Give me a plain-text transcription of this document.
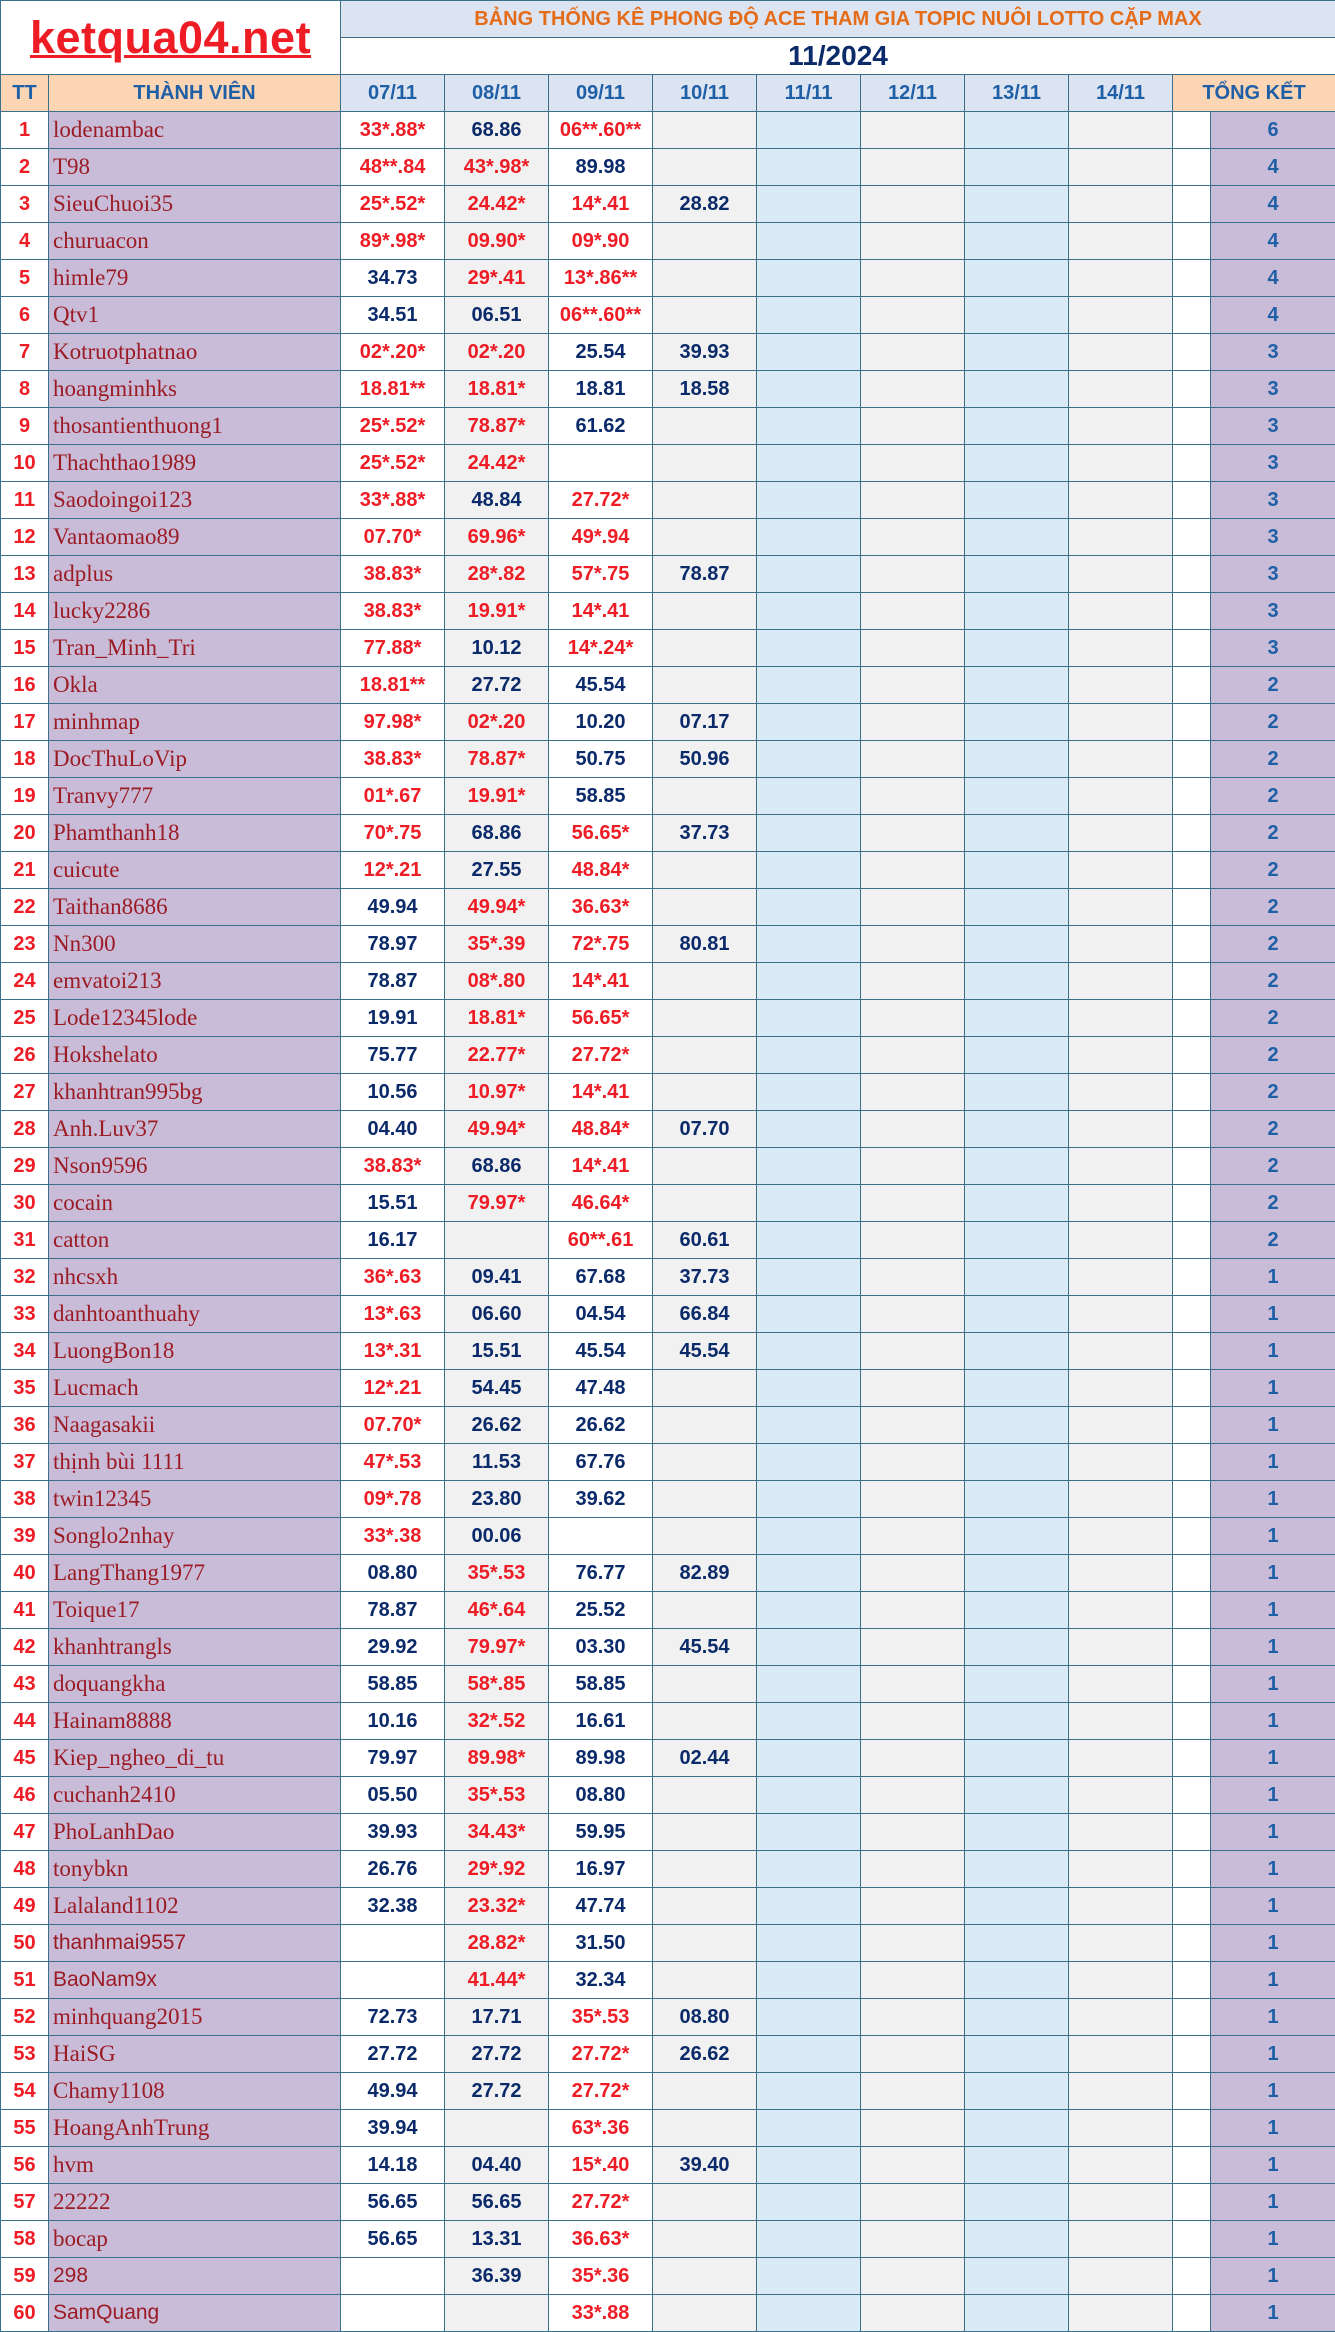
ketqua04.net		BẢNG THỐNG KÊ PHONG ĐỘ ACE THAM GIA TOPIC NUÔI LOTTO CẶP MAX									
		11/2024									
TT	THÀNH VIÊN	07/11	08/11	09/11	10/11	11/11	12/11	13/11	14/11	TỔNG KẾT	
1	lodenambac	33*.88*	68.86	06**.60**							6
2	T98	48**.84	43*.98*	89.98							4
3	SieuChuoi35	25*.52*	24.42*	14*.41	28.82						4
4	churuacon	89*.98*	09.90*	09*.90							4
5	himle79	34.73	29*.41	13*.86**							4
6	Qtv1	34.51	06.51	06**.60**							4
7	Kotruotphatnao	02*.20*	02*.20	25.54	39.93						3
8	hoangminhks	18.81**	18.81*	18.81	18.58						3
9	thosantienthuong1	25*.52*	78.87*	61.62							3
10	Thachthao1989	25*.52*	24.42*								3
11	Saodoingoi123	33*.88*	48.84	27.72*							3
12	Vantaomao89	07.70*	69.96*	49*.94							3
13	adplus	38.83*	28*.82	57*.75	78.87						3
14	lucky2286	38.83*	19.91*	14*.41							3
15	Tran_Minh_Tri	77.88*	10.12	14*.24*							3
16	Okla	18.81**	27.72	45.54							2
17	minhmap	97.98*	02*.20	10.20	07.17						2
18	DocThuLoVip	38.83*	78.87*	50.75	50.96						2
19	Tranvy777	01*.67	19.91*	58.85							2
20	Phamthanh18	70*.75	68.86	56.65*	37.73						2
21	cuicute	12*.21	27.55	48.84*							2
22	Taithan8686	49.94	49.94*	36.63*							2
23	Nn300	78.97	35*.39	72*.75	80.81						2
24	emvatoi213	78.87	08*.80	14*.41							2
25	Lode12345lode	19.91	18.81*	56.65*							2
26	Hokshelato	75.77	22.77*	27.72*							2
27	khanhtran995bg	10.56	10.97*	14*.41							2
28	Anh.Luv37	04.40	49.94*	48.84*	07.70						2
29	Nson9596	38.83*	68.86	14*.41							2
30	cocain	15.51	79.97*	46.64*							2
31	catton	16.17		60**.61	60.61						2
32	nhcsxh	36*.63	09.41	67.68	37.73						1
33	danhtoanthuahy	13*.63	06.60	04.54	66.84						1
34	LuongBon18	13*.31	15.51	45.54	45.54						1
35	Lucmach	12*.21	54.45	47.48							1
36	Naagasakii	07.70*	26.62	26.62							1
37	thịnh bùi 1111	47*.53	11.53	67.76							1
38	twin12345	09*.78	23.80	39.62							1
39	Songlo2nhay	33*.38	00.06								1
40	LangThang1977	08.80	35*.53	76.77	82.89						1
41	Toique17	78.87	46*.64	25.52							1
42	khanhtrangls	29.92	79.97*	03.30	45.54						1
43	doquangkha	58.85	58*.85	58.85							1
44	Hainam8888	10.16	32*.52	16.61							1
45	Kiep_ngheo_di_tu	79.97	89.98*	89.98	02.44						1
46	cuchanh2410	05.50	35*.53	08.80							1
47	PhoLanhDao	39.93	34.43*	59.95							1
48	tonybkn	26.76	29*.92	16.97							1
49	Lalaland1102	32.38	23.32*	47.74							1
50	thanhmai9557		28.82*	31.50							1
51	BaoNam9x		41.44*	32.34							1
52	minhquang2015	72.73	17.71	35*.53	08.80						1
53	HaiSG	27.72	27.72	27.72*	26.62						1
54	Chamy1108	49.94	27.72	27.72*							1
55	HoangAnhTrung	39.94		63*.36							1
56	hvm	14.18	04.40	15*.40	39.40						1
57	22222	56.65	56.65	27.72*							1
58	bocap	56.65	13.31	36.63*							1
59	298		36.39	35*.36							1
60	SamQuang			33*.88							1
